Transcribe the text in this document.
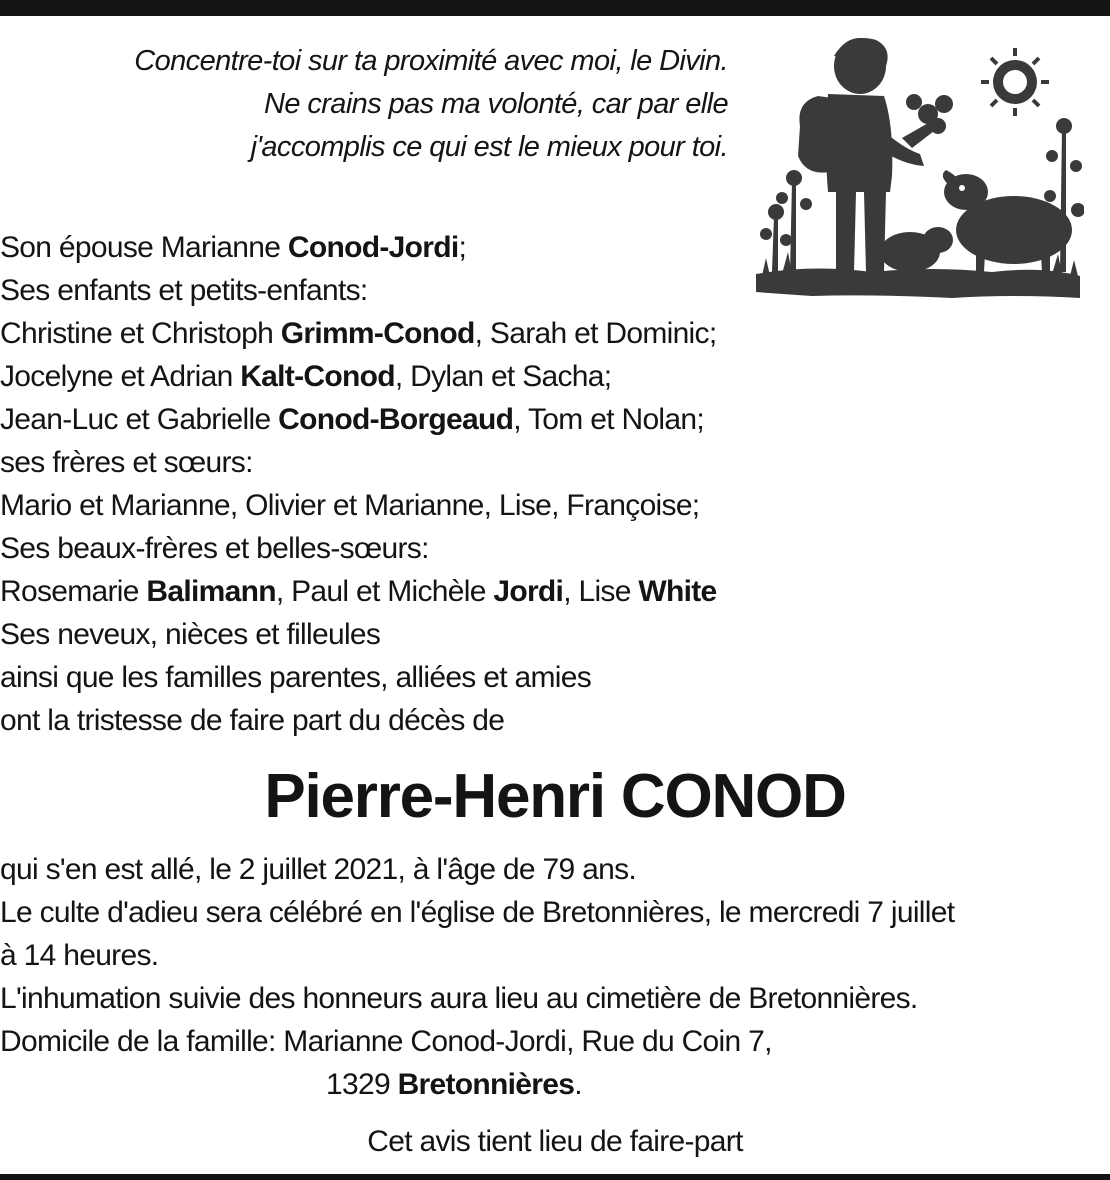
Concentre-toi sur ta proximité avec moi, le Divin.
Ne crains pas ma volonté, car par elle
j'accomplis ce qui est le mieux pour toi.
Son épouse Marianne Conod-Jordi;
Ses enfants et petits-enfants:
Christine et Christoph Grimm-Conod, Sarah et Dominic;
Jocelyne et Adrian Kalt-Conod, Dylan et Sacha;
Jean-Luc et Gabrielle Conod-Borgeaud, Tom et Nolan;
ses frères et sœurs:
Mario et Marianne, Olivier et Marianne, Lise, Françoise;
Ses beaux-frères et belles-sœurs:
Rosemarie Balimann, Paul et Michèle Jordi, Lise White
Ses neveux, nièces et filleules
ainsi que les familles parentes, alliées et amies
ont la tristesse de faire part du décès de
Pierre-Henri CONOD
qui s'en est allé, le 2 juillet 2021, à l'âge de 79 ans.
Le culte d'adieu sera célébré en l'église de Bretonnières, le mercredi 7 juillet
à 14 heures.
L'inhumation suivie des honneurs aura lieu au cimetière de Bretonnières.
Domicile de la famille: Marianne Conod-Jordi, Rue du Coin 7,
1329 Bretonnières.
Cet avis tient lieu de faire-part
